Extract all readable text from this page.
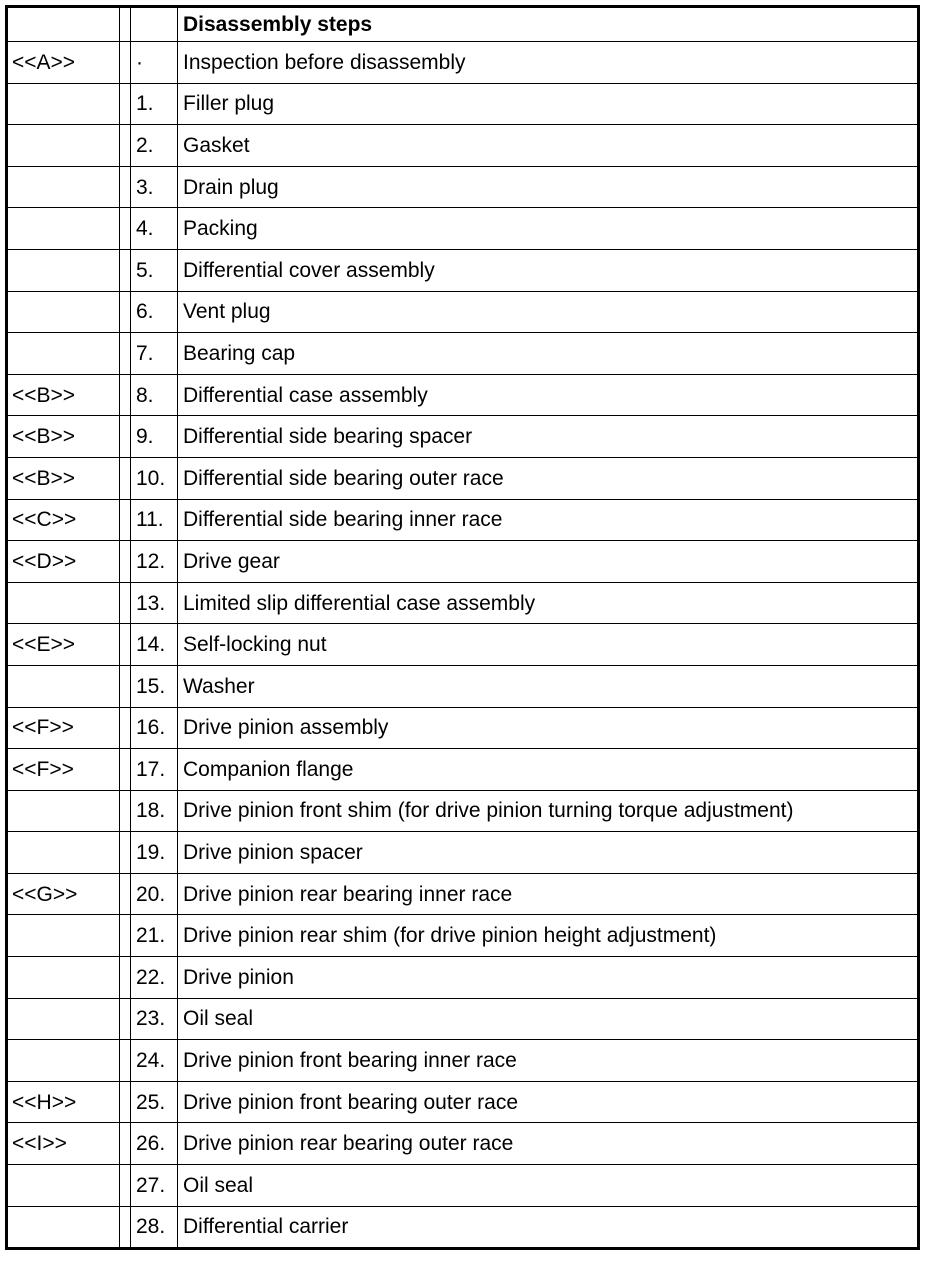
			Disassembly steps
<<A>>		·	Inspection before disassembly
		1.	Filler plug
		2.	Gasket
		3.	Drain plug
		4.	Packing
		5.	Differential cover assembly
		6.	Vent plug
		7.	Bearing cap
<<B>>		8.	Differential case assembly
<<B>>		9.	Differential side bearing spacer
<<B>>		10.	Differential side bearing outer race
<<C>>		11.	Differential side bearing inner race
<<D>>		12.	Drive gear
		13.	Limited slip differential case assembly
<<E>>		14.	Self-locking nut
		15.	Washer
<<F>>		16.	Drive pinion assembly
<<F>>		17.	Companion flange
		18.	Drive pinion front shim (for drive pinion turning torque adjustment)
		19.	Drive pinion spacer
<<G>>		20.	Drive pinion rear bearing inner race
		21.	Drive pinion rear shim (for drive pinion height adjustment)
		22.	Drive pinion
		23.	Oil seal
		24.	Drive pinion front bearing inner race
<<H>>		25.	Drive pinion front bearing outer race
<<I>>		26.	Drive pinion rear bearing outer race
		27.	Oil seal
		28.	Differential carrier
